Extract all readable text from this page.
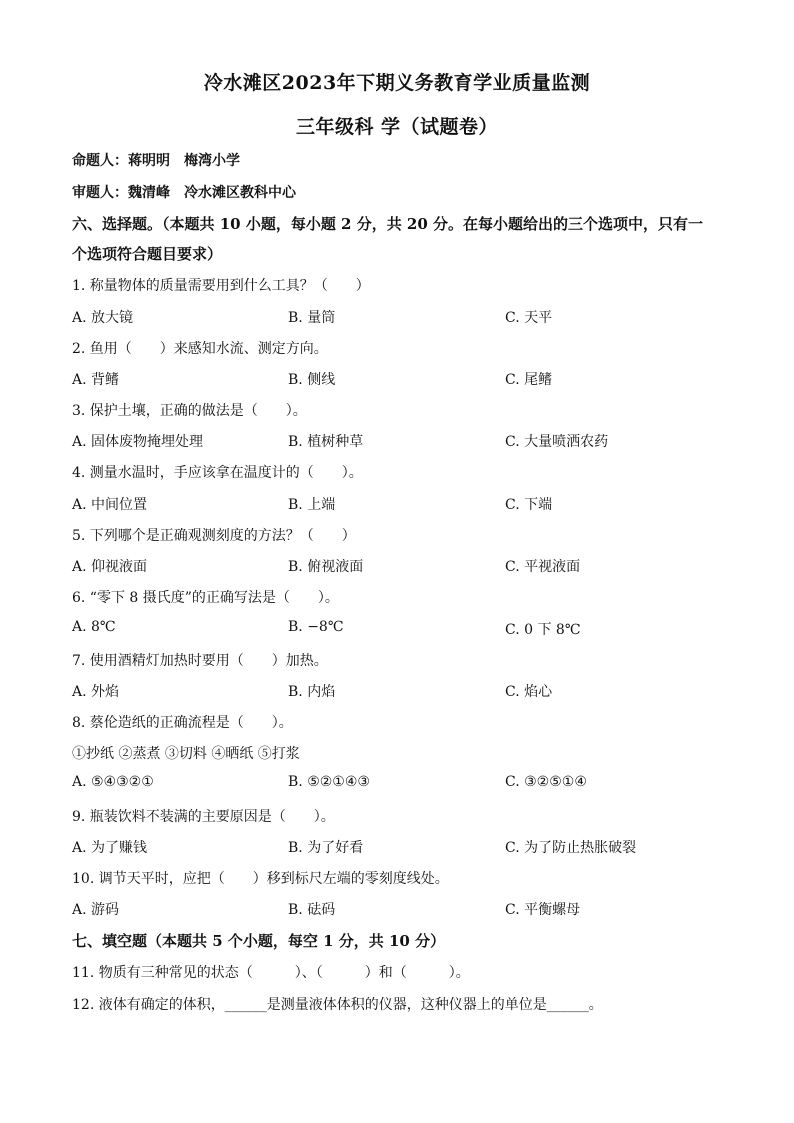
冷水滩区2023年下期义务教育学业质量监测
三年级科 学（试题卷）
命题人：蒋明明　梅湾小学
审题人：魏清峰　冷水滩区教科中心
六、选择题。（本题共 10 小题，每小题 2 分，共 20 分。在每小题给出的三个选项中，只有一
个选项符合题目要求）
1. 称量物体的质量需要用到什么工具？（　　）
A. 放大镜	B. 量筒	C. 天平
2. 鱼用（　　）来感知水流、测定方向。
A. 背鳍	B. 侧线	C. 尾鳍
3. 保护土壤，正确的做法是（　　）。
A. 固体废物掩埋处理	B. 植树种草	C. 大量喷洒农药
4. 测量水温时，手应该拿在温度计的（　　）。
A. 中间位置	B. 上端	C. 下端
5. 下列哪个是正确观测刻度的方法？（　　）
A. 仰视液面	B. 俯视液面	C. 平视液面
6. “零下 8 摄氏度”的正确写法是（　　）。
A. 8℃	B. −8℃	C. 0 下 8℃
7. 使用酒精灯加热时要用（　　）加热。
A. 外焰	B. 内焰	C. 焰心
8. 蔡伦造纸的正确流程是（　　）。
①抄纸 ②蒸煮 ③切料 ④晒纸 ⑤打浆
A. ⑤④③②①	B. ⑤②①④③	C. ③②⑤①④
9. 瓶装饮料不装满的主要原因是（　　）。
A. 为了赚钱	B. 为了好看	C. 为了防止热胀破裂
10. 调节天平时，应把（　　）移到标尺左端的零刻度线处。
A. 游码	B. 砝码	C. 平衡螺母
七、填空题（本题共 5 个小题，每空 1 分，共 10 分）
11. 物质有三种常见的状态（　　　）、（　　　）和（　　　）。
12. 液体有确定的体积，______是测量液体体积的仪器，这种仪器上的单位是______。
